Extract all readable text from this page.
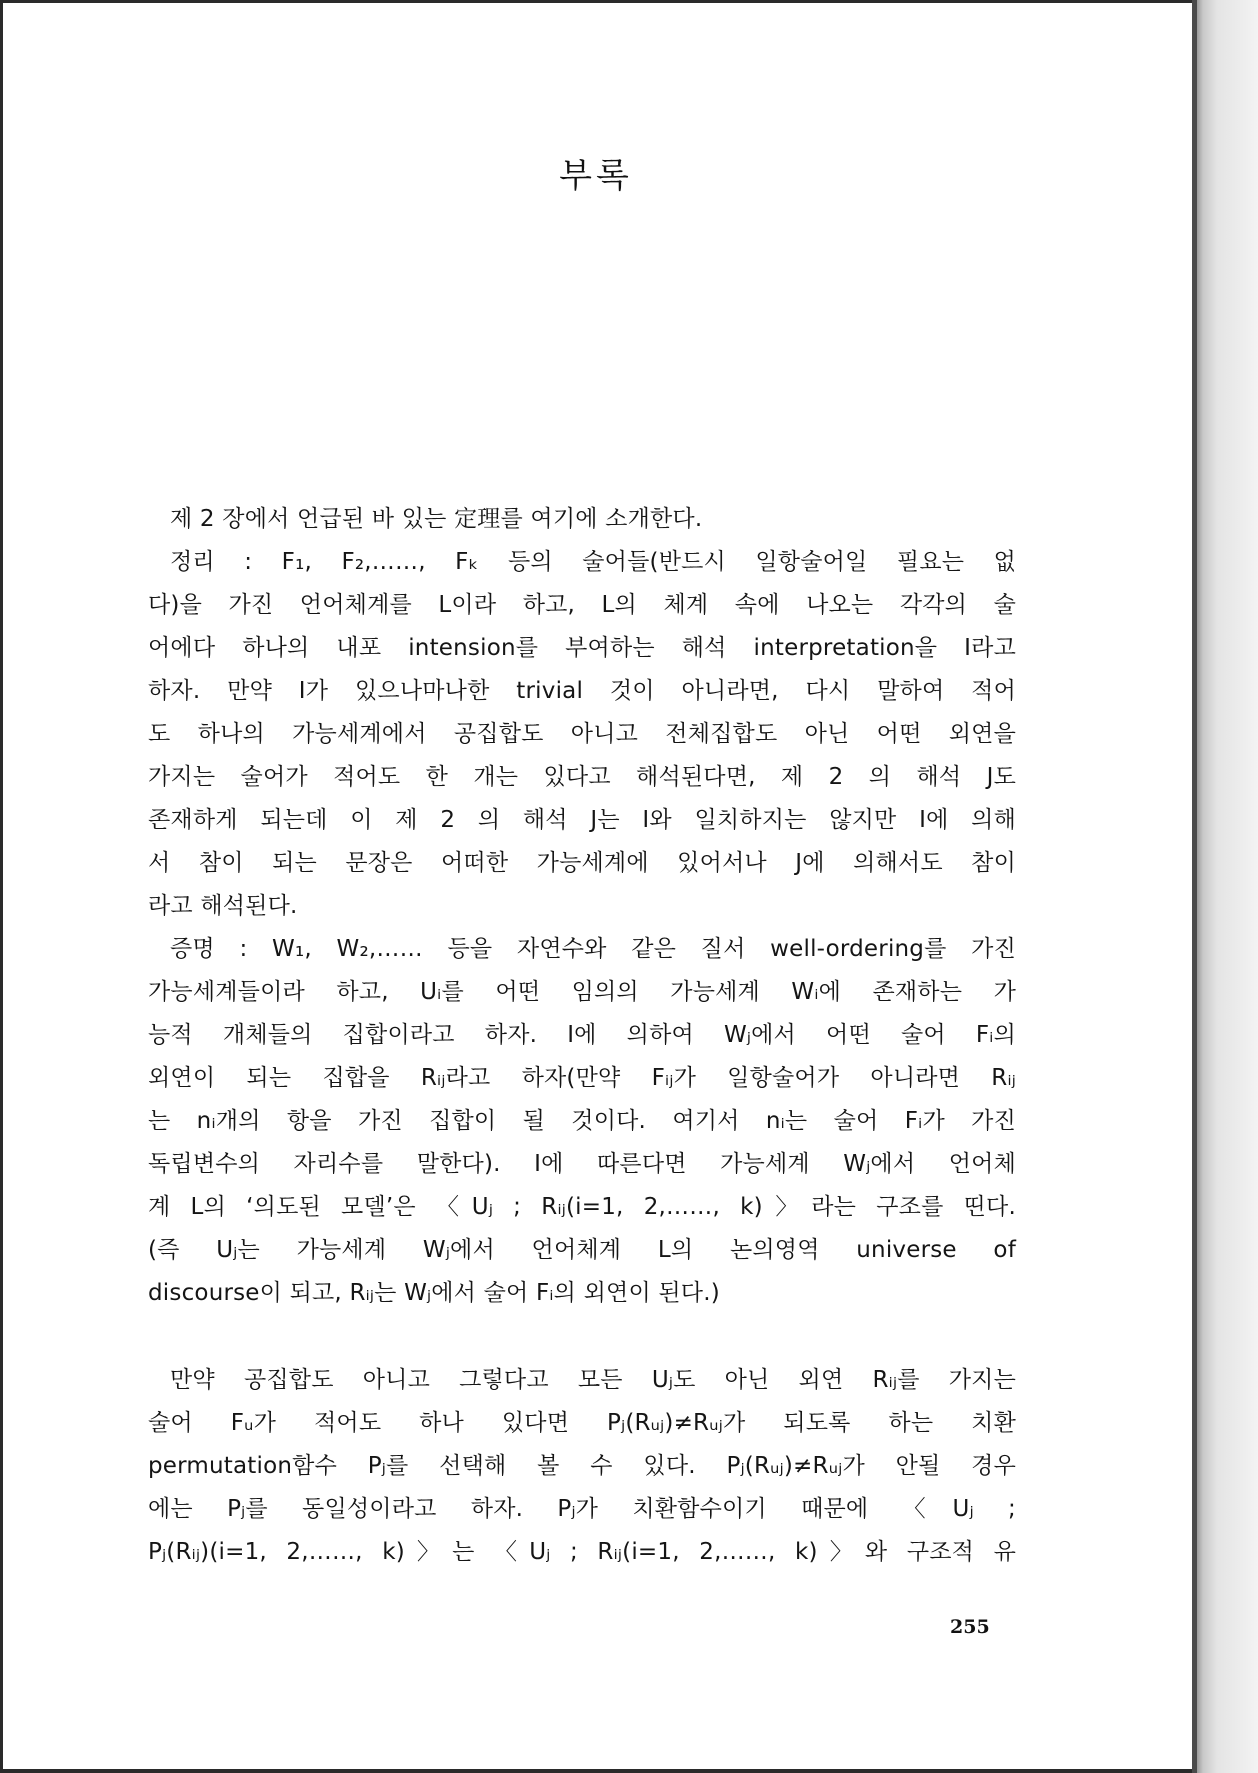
부록
제 2 장에서 언급된 바 있는 定理를 여기에 소개한다.
정리 : F₁, F₂,……, Fₖ 등의 술어들(반드시 일항술어일 필요는 없
다)을 가진 언어체계를 L이라 하고, L의 체계 속에 나오는 각각의 술
어에다 하나의 내포 intension를 부여하는 해석 interpretation을 I라고
하자. 만약 I가 있으나마나한 trivial 것이 아니라면, 다시 말하여 적어
도 하나의 가능세계에서 공집합도 아니고 전체집합도 아닌 어떤 외연을
가지는 술어가 적어도 한 개는 있다고 해석된다면, 제 2 의 해석 J도
존재하게 되는데 이 제 2 의 해석 J는 I와 일치하지는 않지만 I에 의해
서 참이 되는 문장은 어떠한 가능세계에 있어서나 J에 의해서도 참이
라고 해석된다.
증명 : W₁, W₂,…… 등을 자연수와 같은 질서 well-ordering를 가진
가능세계들이라 하고, Uᵢ를 어떤 임의의 가능세계 Wᵢ에 존재하는 가
능적 개체들의 집합이라고 하자. I에 의하여 Wⱼ에서 어떤 술어 Fᵢ의
외연이 되는 집합을 Rᵢⱼ라고 하자(만약 Fᵢⱼ가 일항술어가 아니라면 Rᵢⱼ
는 nᵢ개의 항을 가진 집합이 될 것이다. 여기서 nᵢ는 술어 Fᵢ가 가진
독립변수의 자리수를 말한다). I에 따른다면 가능세계 Wⱼ에서 언어체
계 L의 ‘의도된 모델’은 〈Uⱼ ; Rᵢⱼ(i=1, 2,……, k)〉라는 구조를 띤다.
(즉 Uⱼ는 가능세계 Wⱼ에서 언어체계 L의 논의영역 universe of
discourse이 되고, Rᵢⱼ는 Wⱼ에서 술어 Fᵢ의 외연이 된다.)
만약 공집합도 아니고 그렇다고 모든 Uⱼ도 아닌 외연 Rᵢⱼ를 가지는
술어 Fᵤ가 적어도 하나 있다면 Pⱼ(Rᵤⱼ)≠Rᵤⱼ가 되도록 하는 치환
permutation함수 Pⱼ를 선택해 볼 수 있다. Pⱼ(Rᵤⱼ)≠Rᵤⱼ가 안될 경우
에는 Pⱼ를 동일성이라고 하자. Pⱼ가 치환함수이기 때문에 〈Uⱼ ;
Pⱼ(Rᵢⱼ)(i=1, 2,……, k)〉는 〈Uⱼ ; Rᵢⱼ(i=1, 2,……, k)〉와 구조적 유
255
